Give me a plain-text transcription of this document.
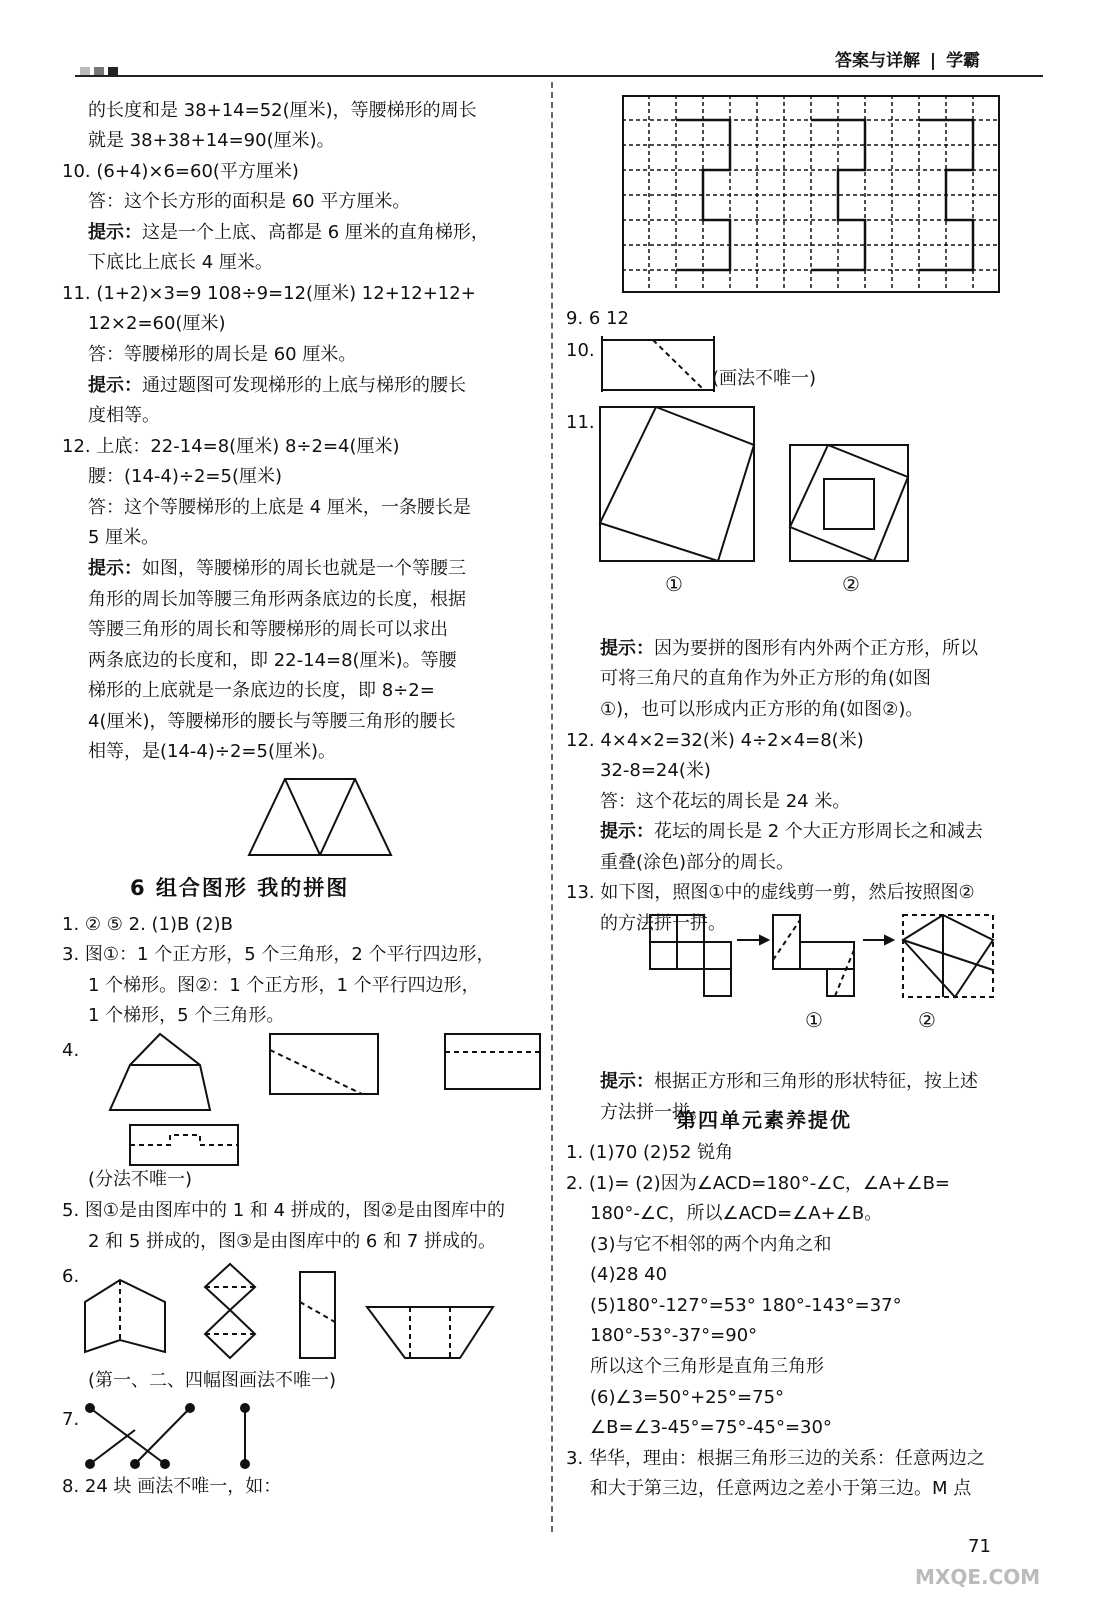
答案与详解 | 学霸
的长度和是 38+14=52(厘米)，等腰梯形的周长
就是 38+38+14=90(厘米)。
10. (6+4)×6=60(平方厘米)
答：这个长方形的面积是 60 平方厘米。
提示：这是一个上底、高都是 6 厘米的直角梯形，
下底比上底长 4 厘米。
11. (1+2)×3=9 108÷9=12(厘米) 12+12+12+
12×2=60(厘米)
答：等腰梯形的周长是 60 厘米。
提示：通过题图可发现梯形的上底与梯形的腰长
度相等。
12. 上底：22-14=8(厘米) 8÷2=4(厘米)
腰：(14-4)÷2=5(厘米)
答：这个等腰梯形的上底是 4 厘米，一条腰长是
5 厘米。
提示：如图，等腰梯形的周长也就是一个等腰三
角形的周长加等腰三角形两条底边的长度，根据
等腰三角形的周长和等腰梯形的周长可以求出
两条底边的长度和，即 22-14=8(厘米)。等腰
梯形的上底就是一条底边的长度，即 8÷2=
4(厘米)，等腰梯形的腰长与等腰三角形的腰长
相等，是(14-4)÷2=5(厘米)。
6 组合图形 我的拼图
1. ② ⑤ 2. (1)B (2)B
3. 图①：1 个正方形，5 个三角形，2 个平行四边形，
1 个梯形。图②：1 个正方形，1 个平行四边形，
1 个梯形，5 个三角形。
4.
(分法不唯一)
5. 图①是由图库中的 1 和 4 拼成的，图②是由图库中的
2 和 5 拼成的，图③是由图库中的 6 和 7 拼成的。
6.
(第一、二、四幅图画法不唯一)
7.
8. 24 块 画法不唯一，如：
9. 6 12
10.
(画法不唯一)
11.
提示：因为要拼的图形有内外两个正方形，所以
可将三角尺的直角作为外正方形的角(如图
①)，也可以形成内正方形的角(如图②)。
12. 4×4×2=32(米) 4÷2×4=8(米)
32-8=24(米)
答：这个花坛的周长是 24 米。
提示：花坛的周长是 2 个大正方形周长之和减去
重叠(涂色)部分的周长。
13. 如下图，照图①中的虚线剪一剪，然后按照图②
的方法拼一拼。
提示：根据正方形和三角形的形状特征，按上述
方法拼一拼。
①	②
①	②
第四单元素养提优
1. (1)70 (2)52 锐角
2. (1)= (2)因为∠ACD=180°-∠C，∠A+∠B=
180°-∠C，所以∠ACD=∠A+∠B。
(3)与它不相邻的两个内角之和
(4)28 40
(5)180°-127°=53° 180°-143°=37°
180°-53°-37°=90°
所以这个三角形是直角三角形
(6)∠3=50°+25°=75°
∠B=∠3-45°=75°-45°=30°
3. 华华，理由：根据三角形三边的关系：任意两边之
和大于第三边，任意两边之差小于第三边。M 点
71
MXQE.COM
